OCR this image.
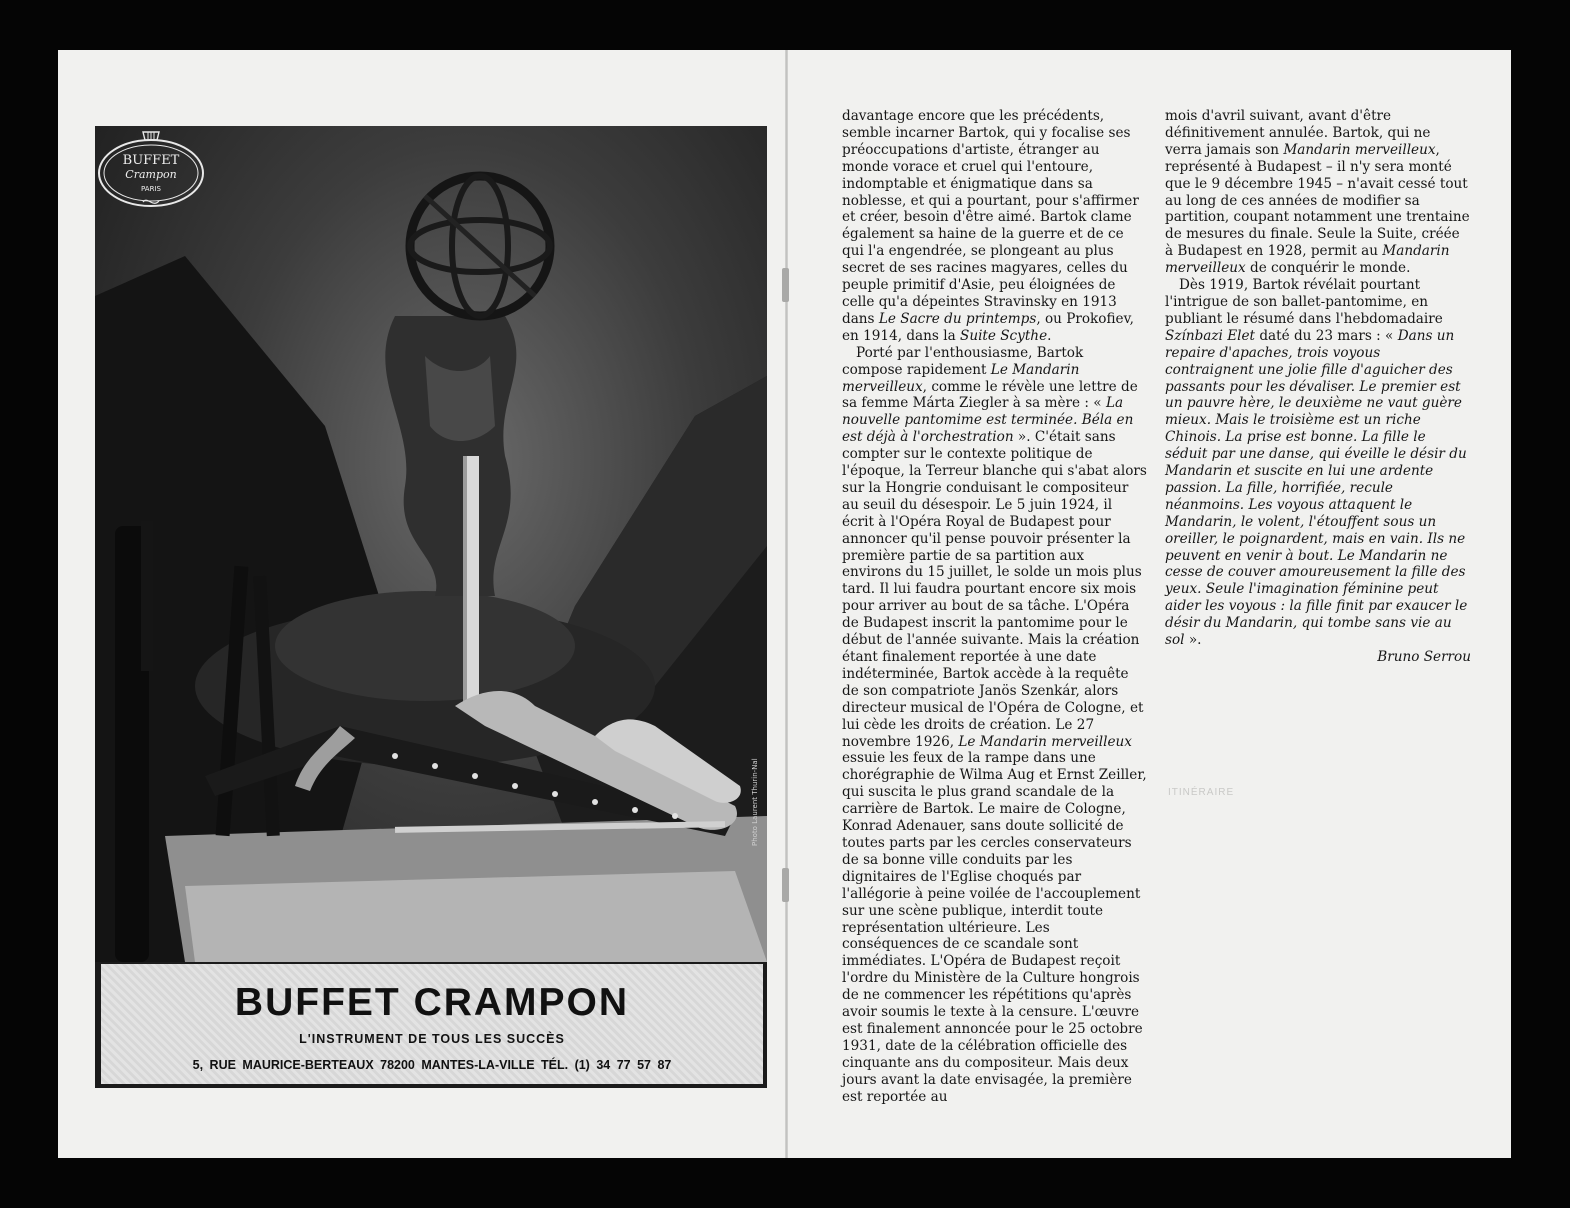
BUFFET
Crampon
PARIS
Photo Laurent Thurin-Nal
BUFFET CRAMPON
L'INSTRUMENT DE TOUS LES SUCCÈS
5, RUE MAURICE-BERTEAUX 78200 MANTES-LA-VILLE TÉL. (1) 34 77 57 87

davantage encore que les précédents, semble incarner Bartok, qui y focalise ses préoccupations d'artiste, étranger au monde vorace et cruel qui l'entoure, indomptable et énigmatique dans sa noblesse, et qui a pourtant, pour s'affirmer et créer, besoin d'être aimé. Bartok clame également sa haine de la guerre et de ce qui l'a engendrée, se plongeant au plus secret de ses racines magyares, celles du peuple primitif d'Asie, peu éloignées de celle qu'a dépeintes Stravinsky en 1913 dans Le Sacre du printemps, ou Prokofiev, en 1914, dans la Suite Scythe.

Porté par l'enthousiasme, Bartok compose rapidement Le Mandarin merveilleux, comme le révèle une lettre de sa femme Márta Ziegler à sa mère : « La nouvelle pantomime est terminée. Béla en est déjà à l'orchestration ». C'était sans compter sur le contexte politique de l'époque, la Terreur blanche qui s'abat alors sur la Hongrie conduisant le compositeur au seuil du désespoir. Le 5 juin 1924, il écrit à l'Opéra Royal de Budapest pour annoncer qu'il pense pouvoir présenter la première partie de sa partition aux environs du 15 juillet, le solde un mois plus tard. Il lui faudra pourtant encore six mois pour arriver au bout de sa tâche. L'Opéra de Budapest inscrit la pantomime pour le début de l'année suivante. Mais la création étant finalement reportée à une date indéterminée, Bartok accède à la requête de son compatriote Janös Szenkár, alors directeur musical de l'Opéra de Cologne, et lui cède les droits de création. Le 27 novembre 1926, Le Mandarin merveilleux essuie les feux de la rampe dans une chorégraphie de Wilma Aug et Ernst Zeiller, qui suscita le plus grand scandale de la carrière de Bartok. Le maire de Cologne, Konrad Adenauer, sans doute sollicité de toutes parts par les cercles conservateurs de sa bonne ville conduits par les dignitaires de l'Eglise choqués par l'allégorie à peine voilée de l'accouplement sur une scène publique, interdit toute représentation ultérieure. Les conséquences de ce scandale sont immédiates. L'Opéra de Budapest reçoit l'ordre du Ministère de la Culture hongrois de ne commencer les répétitions qu'après avoir soumis le texte à la censure. L'œuvre est finalement annoncée pour le 25 octobre 1931, date de la célébration officielle des cinquante ans du compositeur. Mais deux jours avant la date envisagée, la première est reportée au

mois d'avril suivant, avant d'être définitivement annulée. Bartok, qui ne verra jamais son Mandarin merveilleux, représenté à Budapest – il n'y sera monté que le 9 décembre 1945 – n'avait cessé tout au long de ces années de modifier sa partition, coupant notamment une trentaine de mesures du finale. Seule la Suite, créée à Budapest en 1928, permit au Mandarin merveilleux de conquérir le monde.

Dès 1919, Bartok révélait pourtant l'intrigue de son ballet-pantomime, en publiant le résumé dans l'hebdomadaire Színbazi Elet daté du 23 mars : « Dans un repaire d'apaches, trois voyous contraignent une jolie fille d'aguicher des passants pour les dévaliser. Le premier est un pauvre hère, le deuxième ne vaut guère mieux. Mais le troisième est un riche Chinois. La prise est bonne. La fille le séduit par une danse, qui éveille le désir du Mandarin et suscite en lui une ardente passion. La fille, horrifiée, recule néanmoins. Les voyous attaquent le Mandarin, le volent, l'étouffent sous un oreiller, le poignardent, mais en vain. Ils ne peuvent en venir à bout. Le Mandarin ne cesse de couver amoureusement la fille des yeux. Seule l'imagination féminine peut aider les voyous : la fille finit par exaucer le désir du Mandarin, qui tombe sans vie au sol ».

Bruno Serrou

ITINÉRAIRE
